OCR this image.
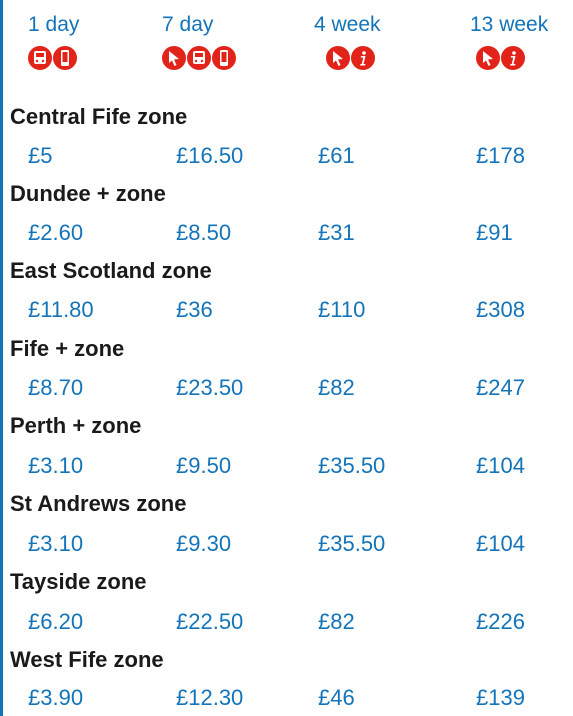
1 day	7 day	4 week	13 week
Central Fife zone
£5	£16.50	£61	£178
Dundee + zone
£2.60	£8.50	£31	£91
East Scotland zone
£11.80	£36	£110	£308
Fife + zone
£8.70	£23.50	£82	£247
Perth + zone
£3.10	£9.50	£35.50	£104
St Andrews zone
£3.10	£9.30	£35.50	£104
Tayside zone
£6.20	£22.50	£82	£226
West Fife zone
£3.90	£12.30	£46	£139
